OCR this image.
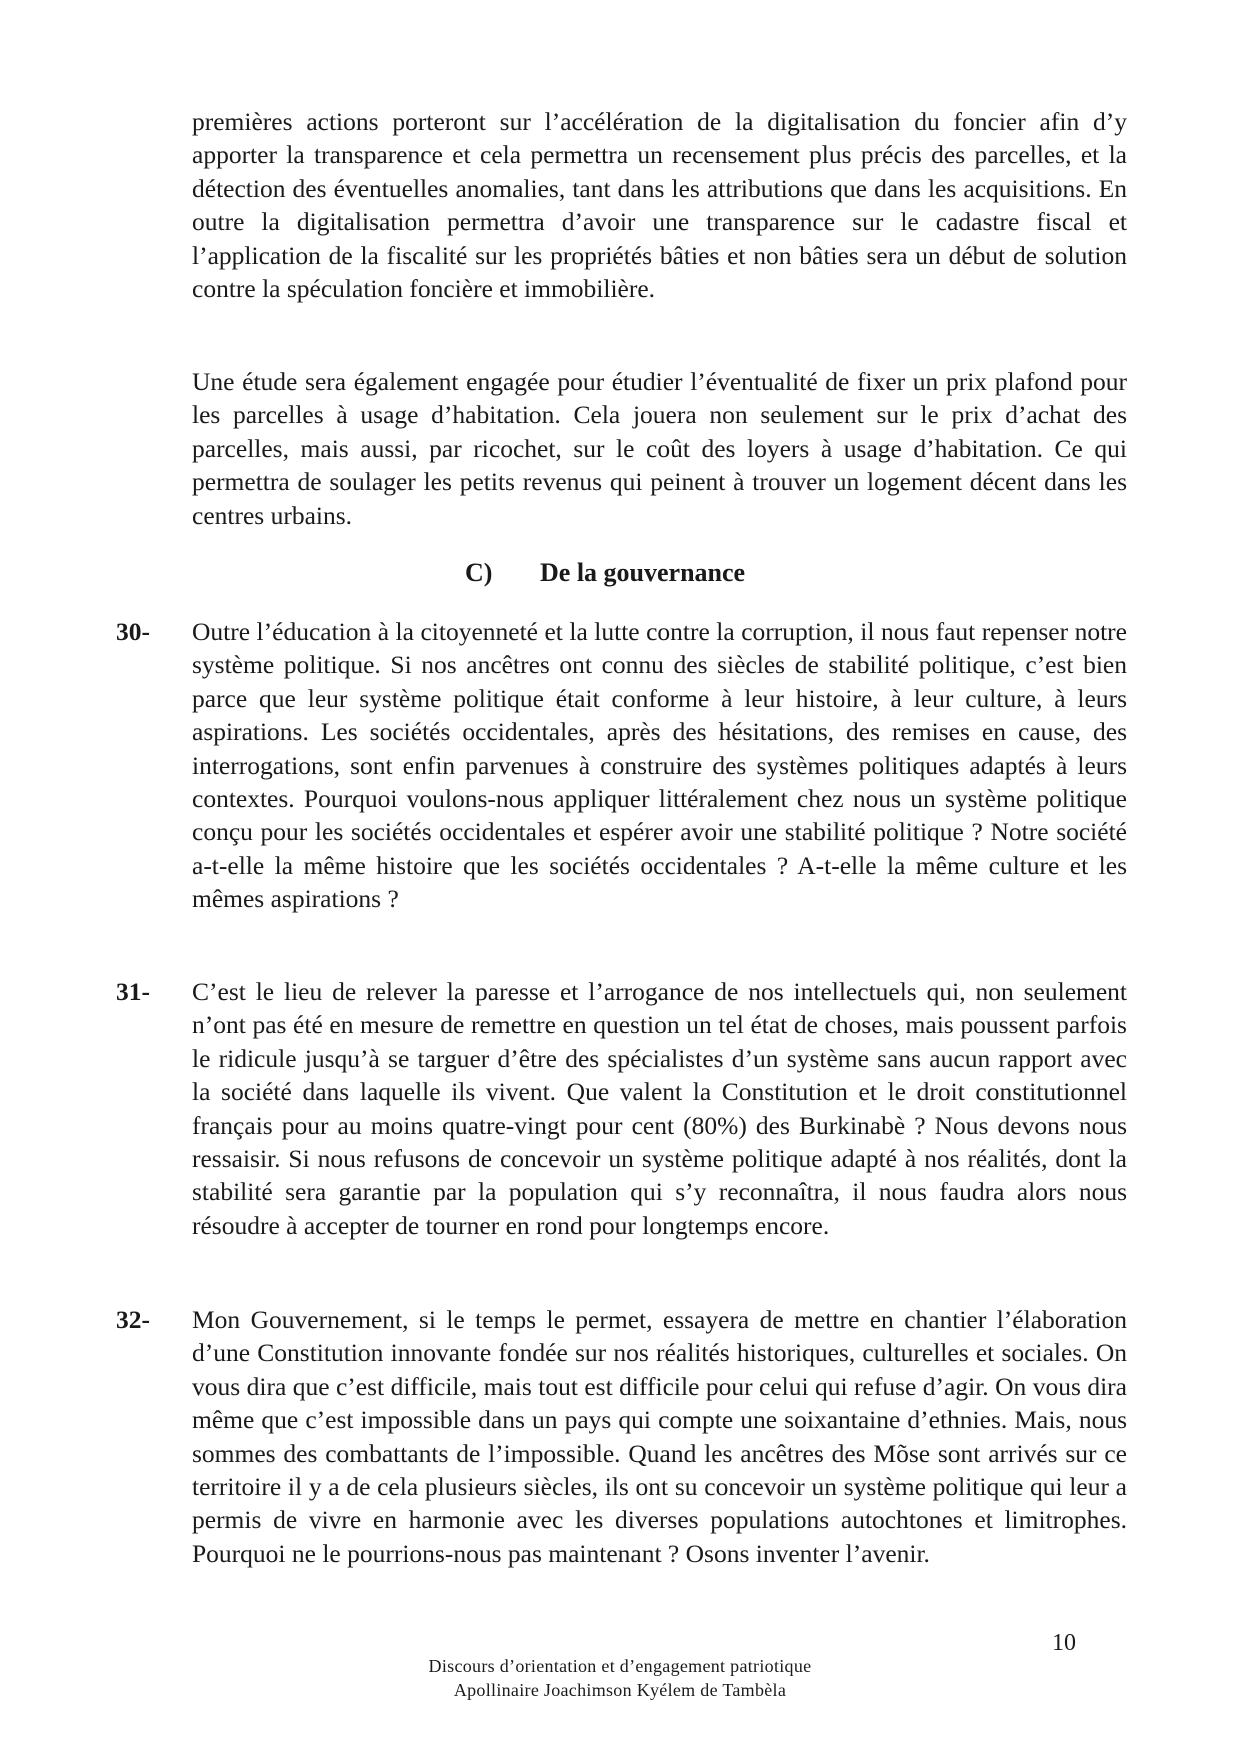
premières actions porteront sur l’accélération de la digitalisation du foncier afin d’y apporter la transparence et cela permettra un recensement plus précis des parcelles, et la détection des éventuelles anomalies, tant dans les attributions que dans les acquisitions. En outre la digitalisation permettra d’avoir une transparence sur le cadastre fiscal et l’application de la fiscalité sur les propriétés bâties et non bâties sera un début de solution contre la spéculation foncière et immobilière.

Une étude sera également engagée pour étudier l’éventualité de fixer un prix plafond pour les parcelles à usage d’habitation. Cela jouera non seulement sur le prix d’achat des parcelles, mais aussi, par ricochet, sur le coût des loyers à usage d’habitation. Ce qui permettra de soulager les petits revenus qui peinent à trouver un logement décent dans les centres urbains.

C) De la gouvernance
30- Outre l’éducation à la citoyenneté et la lutte contre la corruption, il nous faut repenser notre système politique. Si nos ancêtres ont connu des siècles de stabilité politique, c’est bien parce que leur système politique était conforme à leur histoire, à leur culture, à leurs aspirations. Les sociétés occidentales, après des hésitations, des remises en cause, des interrogations, sont enfin parvenues à construire des systèmes politiques adaptés à leurs contextes. Pourquoi voulons-nous appliquer littéralement chez nous un système politique conçu pour les sociétés occidentales et espérer avoir une stabilité politique ? Notre société a-t-elle la même histoire que les sociétés occidentales ? A-t-elle la même culture et les mêmes aspirations ?

31- C’est le lieu de relever la paresse et l’arrogance de nos intellectuels qui, non seulement n’ont pas été en mesure de remettre en question un tel état de choses, mais poussent parfois le ridicule jusqu’à se targuer d’être des spécialistes d’un système sans aucun rapport avec la société dans laquelle ils vivent. Que valent la Constitution et le droit constitutionnel français pour au moins quatre-vingt pour cent (80%) des Burkinabè ? Nous devons nous ressaisir. Si nous refusons de concevoir un système politique adapté à nos réalités, dont la stabilité sera garantie par la population qui s’y reconnaîtra, il nous faudra alors nous résoudre à accepter de tourner en rond pour longtemps encore.

32- Mon Gouvernement, si le temps le permet, essayera de mettre en chantier l’élaboration d’une Constitution innovante fondée sur nos réalités historiques, culturelles et sociales. On vous dira que c’est difficile, mais tout est difficile pour celui qui refuse d’agir. On vous dira même que c’est impossible dans un pays qui compte une soixantaine d’ethnies. Mais, nous sommes des combattants de l’impossible. Quand les ancêtres des Mõse sont arrivés sur ce territoire il y a de cela plusieurs siècles, ils ont su concevoir un système politique qui leur a permis de vivre en harmonie avec les diverses populations autochtones et limitrophes. Pourquoi ne le pourrions-nous pas maintenant ? Osons inventer l’avenir.

Discours d’orientation et d’engagement patriotique
Apollinaire Joachimson Kyélem de Tambèla
10
